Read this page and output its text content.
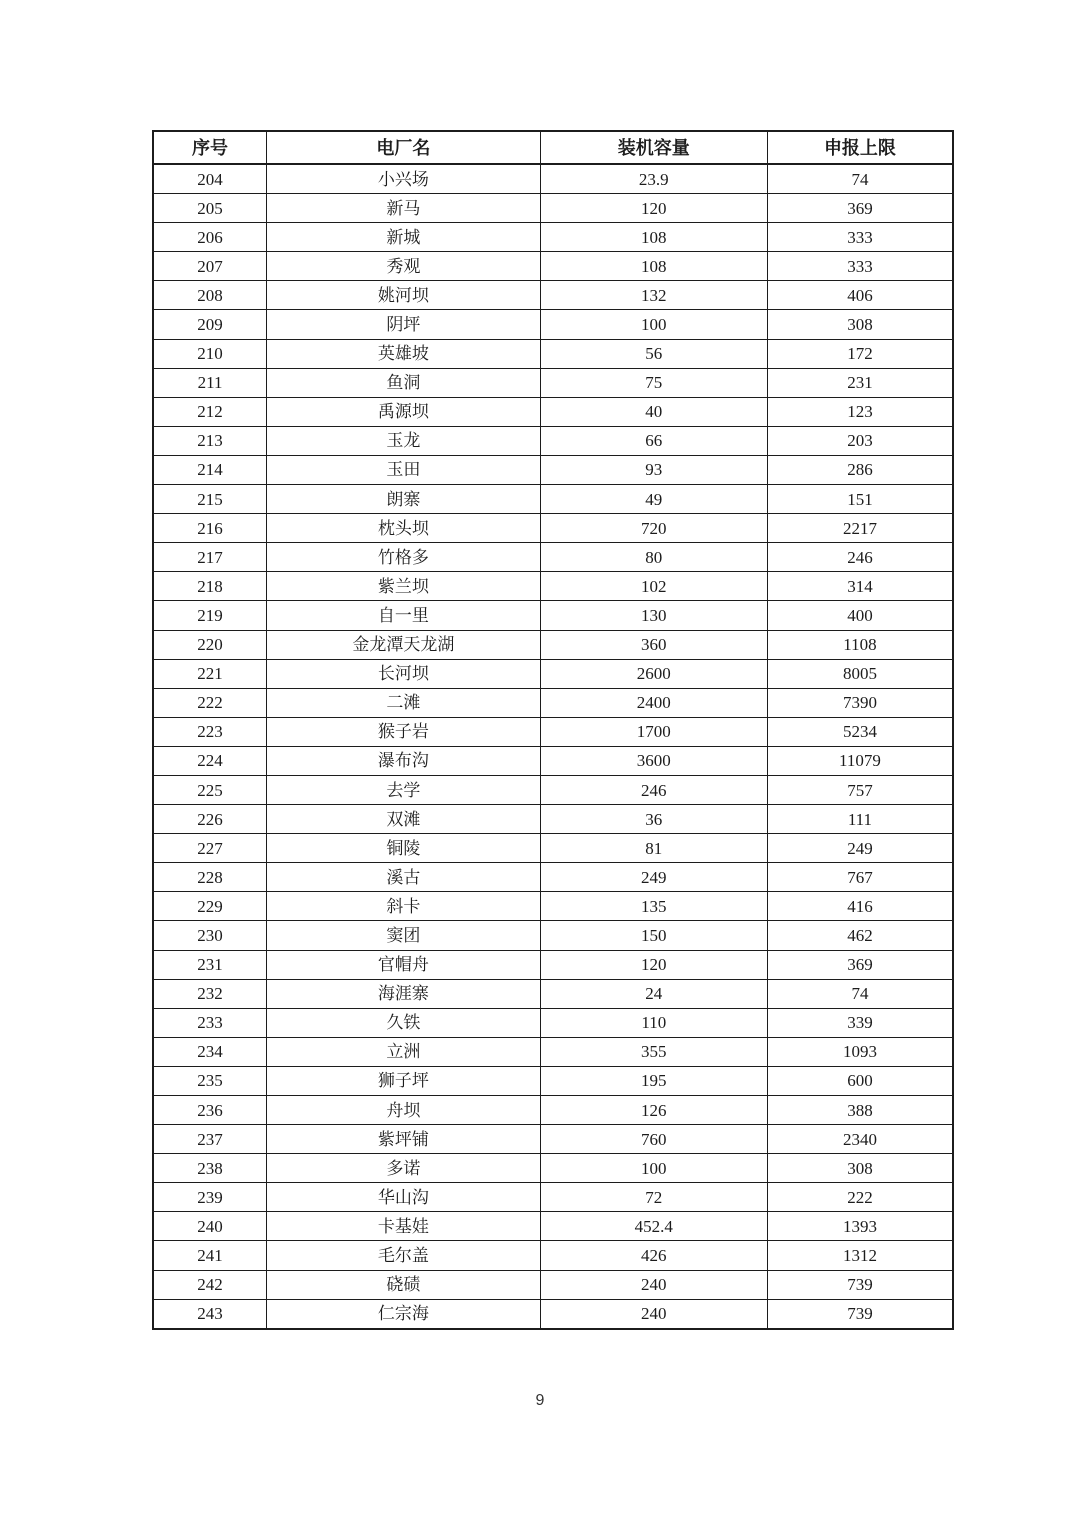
序号	电厂名	装机容量	申报上限
204	小兴场	23.9	74
205	新马	120	369
206	新城	108	333
207	秀观	108	333
208	姚河坝	132	406
209	阴坪	100	308
210	英雄坡	56	172
211	鱼洞	75	231
212	禹源坝	40	123
213	玉龙	66	203
214	玉田	93	286
215	朗寨	49	151
216	枕头坝	720	2217
217	竹格多	80	246
218	紫兰坝	102	314
219	自一里	130	400
220	金龙潭天龙湖	360	1108
221	长河坝	2600	8005
222	二滩	2400	7390
223	猴子岩	1700	5234
224	瀑布沟	3600	11079
225	去学	246	757
226	双滩	36	111
227	铜陵	81	249
228	溪古	249	767
229	斜卡	135	416
230	窦团	150	462
231	官帽舟	120	369
232	海涯寨	24	74
233	久铁	110	339
234	立洲	355	1093
235	狮子坪	195	600
236	舟坝	126	388
237	紫坪铺	760	2340
238	多诺	100	308
239	华山沟	72	222
240	卡基娃	452.4	1393
241	毛尔盖	426	1312
242	硗碛	240	739
243	仁宗海	240	739
9
